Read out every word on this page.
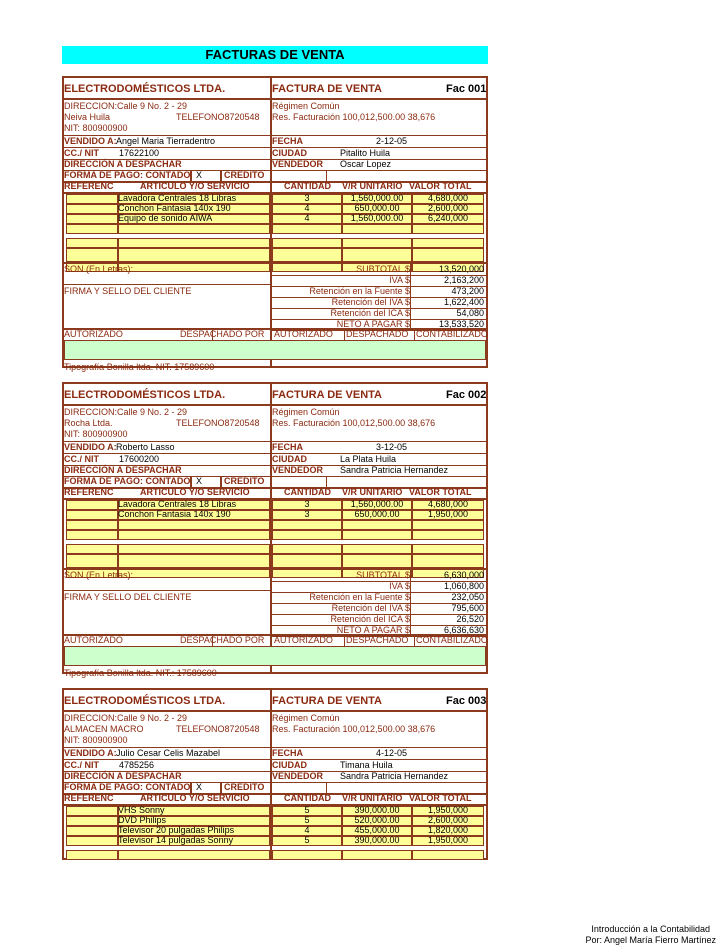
FACTURAS DE VENTA
ELECTRODOMÉSTICOS LTDA.	FACTURA DE VENTA	Fac 001
DIRECCION:Calle 9 No. 2 - 29	Régimen Común
Neiva Huila	TELEFONO8720548 Res. Facturación 100,012,500.00 38,676
NIT: 800900900
VENDIDO A: Angel Maria Tierradentro	FECHA	2-12-05
CC./ NIT 17622100	CIUDAD	Pitalito Huila
DIRECCIÓN A DESPACHAR	VENDEDOR Oscar Lopez
FORMA DE PAGO: CONTADO X CREDITO
REFERENC	ARTICULO Y/O SERVICIO	CANTIDAD V/R UNITARIO VALOR TOTAL
Lavadora Centrales 18 Libras	3	1,560,000.00	4,680,000
Conchon Fantasia 140x 190	4	650,000.00	2,600,000
Equipo de sonido AIWA	4	1,560,000.00	6,240,000
SON (En Letras):
FIRMA Y SELLO DEL CLIENTE
SUBTOTAL $	13,520,000
IVA $	2,163,200
Retención en la Fuente $	473,200
Retención del IVA $	1,622,400
Retención del ICA $	54,080
NETO A PAGAR $	13,533,520
AUTORIZADO	DESPACHADO POR AUTORIZADO DESPACHADO CONTABILIZADO
Tipografía Bonilla ltda. NIT. 17589600
ELECTRODOMÉSTICOS LTDA.	FACTURA DE VENTA	Fac 002
DIRECCION:Calle 9 No. 2 - 29	Régimen Común
Rocha Ltda.	TELEFONO8720548 Res. Facturación 100,012,500.00 38,676
NIT: 800900900
VENDIDO A: Roberto Lasso	FECHA	3-12-05
CC./ NIT 17600200	CIUDAD	La Plata Huila
DIRECCIÓN A DESPACHAR	VENDEDOR Sandra Patricia Hernandez
FORMA DE PAGO: CONTADO X CREDITO
REFERENC	ARTICULO Y/O SERVICIO	CANTIDAD V/R UNITARIO VALOR TOTAL
Lavadora Centrales 18 Libras	3	1,560,000.00	4,680,000
Conchon Fantasia 140x 190	3	650,000.00	1,950,000
SON (En Letras):
FIRMA Y SELLO DEL CLIENTE
SUBTOTAL $	6,630,000
IVA $	1,060,800
Retención en la Fuente $	232,050
Retención del IVA $	795,600
Retención del ICA $	26,520
NETO A PAGAR $	6,636,630
AUTORIZADO	DESPACHADO POR AUTORIZADO DESPACHADO CONTABILIZADO
Tipografía Bonilla ltda. NIT.: 17589600
ELECTRODOMÉSTICOS LTDA.	FACTURA DE VENTA	Fac 003
DIRECCION:Calle 9 No. 2 - 29	Régimen Común
ALMACEN MACRO	TELEFONO8720548 Res. Facturación 100,012,500.00 38,676
NIT: 800900900
VENDIDO A: Julio Cesar Celis Mazabel	FECHA	4-12-05
CC./ NIT 4785256	CIUDAD	Timana Huila
DIRECCIÓN A DESPACHAR	VENDEDOR Sandra Patricia Hernandez
FORMA DE PAGO: CONTADO X CREDITO
REFERENC	ARTICULO Y/O SERVICIO	CANTIDAD V/R UNITARIO VALOR TOTAL
VHS Sonny	5	390,000.00	1,950,000
DVD Philips	5	520,000.00	2,600,000
Televisor 20 pulgadas Philips	4	455,000.00	1,820,000
Televisor 14 pulgadas Sonny	5	390,000.00	1,950,000
Introducción a la Contabilidad
Por: Angel María Fierro Martínez
